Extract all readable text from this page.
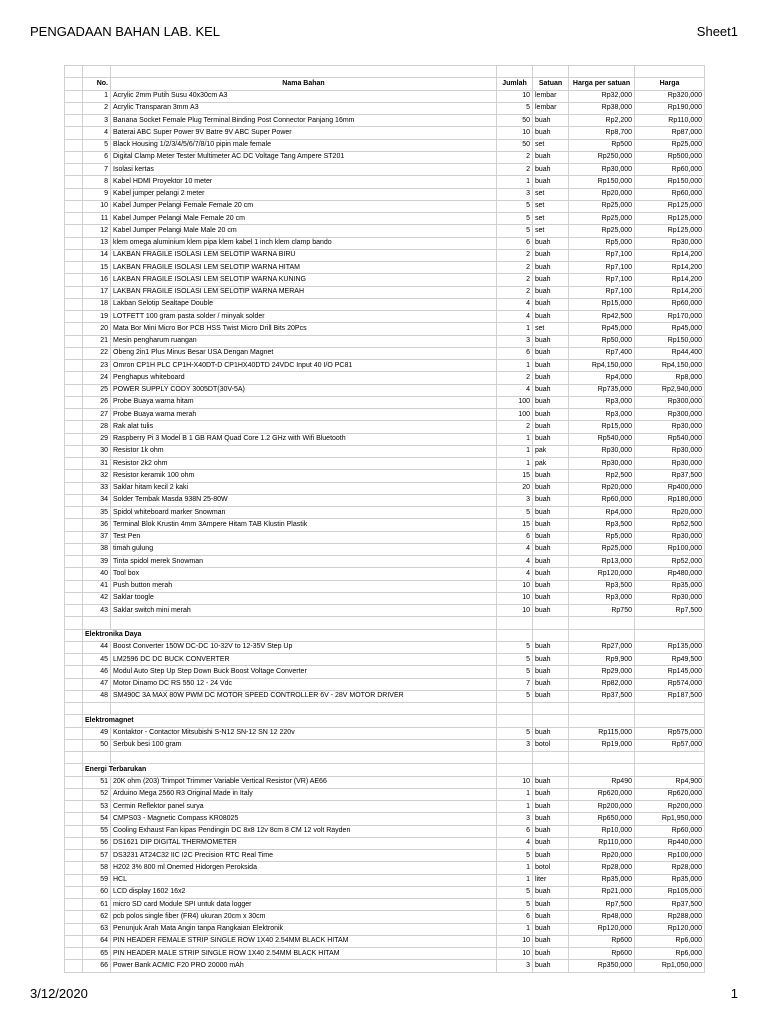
PENGADAAN BAHAN LAB. KEL	Sheet1

	No.	Nama Bahan	Jumlah	Satuan	Harga per satuan	Harga
	1	Acrylic 2mm Putih Susu 40x30cm A3	10	lembar	Rp32,000	Rp320,000
	2	Acrylic Transparan 3mm A3	5	lembar	Rp38,000	Rp190,000
	3	Banana Socket Female Plug Terminal Binding Post Connector Panjang 16mm	50	buah	Rp2,200	Rp110,000
	4	Baterai ABC Super Power 9V Batre 9V ABC Super Power	10	buah	Rp8,700	Rp87,000
	5	Black Housing 1/2/3/4/5/6/7/8/10 pipin male female	50	set	Rp500	Rp25,000
	6	Digital Clamp Meter Tester Multimeter AC DC Voltage Tang Ampere ST201	2	buah	Rp250,000	Rp500,000
	7	Isolasi kertas	2	buah	Rp30,000	Rp60,000
	8	Kabel HDMI Proyektor 10 meter	1	buah	Rp150,000	Rp150,000
	9	Kabel jumper pelangi 2 meter	3	set	Rp20,000	Rp60,000
	10	Kabel Jumper Pelangi Female Female 20 cm	5	set	Rp25,000	Rp125,000
	11	Kabel Jumper Pelangi Male Female 20 cm	5	set	Rp25,000	Rp125,000
	12	Kabel Jumper Pelangi Male Male 20 cm	5	set	Rp25,000	Rp125,000
	13	klem omega aluminium klem pipa klem kabel 1 inch klem clamp bando	6	buah	Rp5,000	Rp30,000
	14	LAKBAN FRAGILE ISOLASI LEM SELOTIP WARNA BIRU	2	buah	Rp7,100	Rp14,200
	15	LAKBAN FRAGILE ISOLASI LEM SELOTIP WARNA HITAM	2	buah	Rp7,100	Rp14,200
	16	LAKBAN FRAGILE ISOLASI LEM SELOTIP WARNA KUNING	2	buah	Rp7,100	Rp14,200
	17	LAKBAN FRAGILE ISOLASI LEM SELOTIP WARNA MERAH	2	buah	Rp7,100	Rp14,200
	18	Lakban Selotip Sealtape Double	4	buah	Rp15,000	Rp60,000
	19	LOTFETT 100 gram pasta solder / minyak solder	4	buah	Rp42,500	Rp170,000
	20	Mata Bor Mini Micro Bor PCB HSS Twist Micro Drill Bits 20Pcs	1	set	Rp45,000	Rp45,000
	21	Mesin pengharum ruangan	3	buah	Rp50,000	Rp150,000
	22	Obeng 2in1 Plus Minus Besar USA Dengan Magnet	6	buah	Rp7,400	Rp44,400
	23	Omron CP1H PLC CP1H-X40DT-D CP1HX40DTD 24VDC Input 40 I/O PC81	1	buah	Rp4,150,000	Rp4,150,000
	24	Penghapus whiteboard	2	buah	Rp4,000	Rp8,000
	25	POWER SUPPLY CODY 3005DT(30V-5A)	4	buah	Rp735,000	Rp2,940,000
	26	Probe Buaya warna hitam	100	buah	Rp3,000	Rp300,000
	27	Probe Buaya warna merah	100	buah	Rp3,000	Rp300,000
	28	Rak alat tulis	2	buah	Rp15,000	Rp30,000
	29	Raspberry Pi 3 Model B 1 GB RAM Quad Core 1.2 GHz with Wifi Bluetooth	1	buah	Rp540,000	Rp540,000
	30	Resistor 1k ohm	1	pak	Rp30,000	Rp30,000
	31	Resistor 2k2 ohm	1	pak	Rp30,000	Rp30,000
	32	Resistor keramik 100 ohm	15	buah	Rp2,500	Rp37,500
	33	Saklar hitam kecil 2 kaki	20	buah	Rp20,000	Rp400,000
	34	Solder Tembak Masda 938N 25-80W	3	buah	Rp60,000	Rp180,000
	35	Spidol whiteboard marker Snowman	5	buah	Rp4,000	Rp20,000
	36	Terminal Blok Krustin 4mm 3Ampere Hitam TAB Klustin Plastik	15	buah	Rp3,500	Rp52,500
	37	Test Pen	6	buah	Rp5,000	Rp30,000
	38	timah gulung	4	buah	Rp25,000	Rp100,000
	39	Tinta spidol merek Snowman	4	buah	Rp13,000	Rp52,000
	40	Tool box	4	buah	Rp120,000	Rp480,000
	41	Push button merah	10	buah	Rp3,500	Rp35,000
	42	Saklar toogle	10	buah	Rp3,000	Rp30,000
	43	Saklar switch mini merah	10	buah	Rp750	Rp7,500

	Elektronika Daya					
	44	Boost Converter 150W DC-DC 10-32V to 12-35V Step Up	5	buah	Rp27,000	Rp135,000
	45	LM2596 DC DC BUCK CONVERTER	5	buah	Rp9,900	Rp49,500
	46	Modul Auto Step Up Step Down Buck Boost Voltage Converter	5	buah	Rp29,000	Rp145,000
	47	Motor Dinamo DC RS 550 12 - 24 Vdc	7	buah	Rp82,000	Rp574,000
	48	SM490C 3A MAX 80W PWM DC MOTOR SPEED CONTROLLER 6V - 28V MOTOR DRIVER	5	buah	Rp37,500	Rp187,500

	Elektromagnet					
	49	Kontaktor - Contactor Mitsubishi S-N12 SN-12 SN 12 220v	5	buah	Rp115,000	Rp575,000
	50	Serbuk besi 100 gram	3	botol	Rp19,000	Rp57,000

	Energi Terbarukan					
	51	20K ohm (203) Trimpot Trimmer Variable Vertical Resistor (VR) AE66	10	buah	Rp490	Rp4,900
	52	Arduino Mega 2560 R3 Original Made in Italy	1	buah	Rp620,000	Rp620,000
	53	Cermin Reflektor panel surya	1	buah	Rp200,000	Rp200,000
	54	CMPS03 - Magnetic Compass KR08025	3	buah	Rp650,000	Rp1,950,000
	55	Cooling Exhaust Fan kipas Pendingin DC 8x8 12v 8cm 8 CM 12 volt Rayden	6	buah	Rp10,000	Rp60,000
	56	DS1621 DIP DIGITAL THERMOMETER	4	buah	Rp110,000	Rp440,000
	57	DS3231 AT24C32 IIC I2C Precision RTC Real Time	5	buah	Rp20,000	Rp100,000
	58	H202 3% 800 ml Onemed Hidorgen Peroksida	1	botol	Rp28,000	Rp28,000
	59	HCL	1	liter	Rp35,000	Rp35,000
	60	LCD display 1602 16x2	5	buah	Rp21,000	Rp105,000
	61	micro SD card Module SPI untuk data logger	5	buah	Rp7,500	Rp37,500
	62	pcb polos single fiber (FR4) ukuran 20cm x 30cm	6	buah	Rp48,000	Rp288,000
	63	Penunjuk Arah Mata Angin tanpa Rangkaian Elektronik	1	buah	Rp120,000	Rp120,000
	64	PIN HEADER FEMALE STRIP SINGLE ROW 1X40 2.54MM BLACK HITAM	10	buah	Rp600	Rp6,000
	65	PIN HEADER MALE STRIP SINGLE ROW 1X40 2.54MM BLACK HITAM	10	buah	Rp600	Rp6,000
	66	Power Bank ACMIC F20 PRO 20000 mAh	3	buah	Rp350,000	Rp1,050,000
3/12/2020	1
